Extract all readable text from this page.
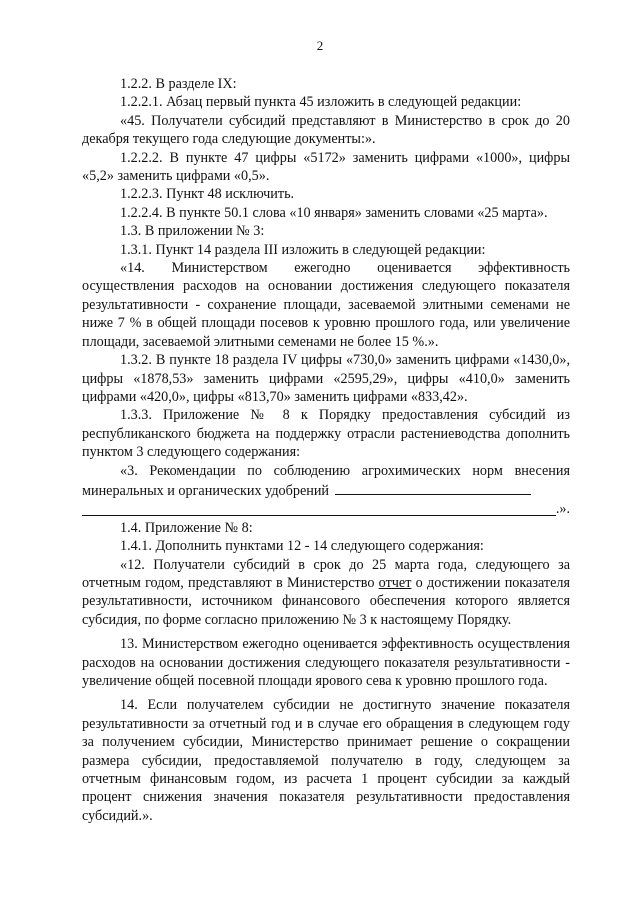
2

1.2.2. В разделе IX:

1.2.2.1. Абзац первый пункта 45 изложить в следующей редакции:

«45. Получатели субсидий представляют в Министерство в срок до 20 декабря текущего года следующие документы:».

1.2.2.2. В пункте 47 цифры «5172» заменить цифрами «1000», цифры «5,2» заменить цифрами «0,5».

1.2.2.3. Пункт 48 исключить.

1.2.2.4. В пункте 50.1 слова «10 января» заменить словами «25 марта».

1.3. В приложении № 3:

1.3.1. Пункт 14 раздела III изложить в следующей редакции:

«14. Министерством ежегодно оценивается эффективность осуществления расходов на основании достижения следующего показателя результативности - сохранение площади, засеваемой элитными семенами не ниже 7 % в общей площади посевов к уровню прошлого года, или увеличение площади, засеваемой элитными семенами не более 15 %.».

1.3.2. В пункте 18 раздела IV цифры «730,0» заменить цифрами «1430,0», цифры «1878,53» заменить цифрами «2595,29», цифры «410,0» заменить цифрами «420,0», цифры «813,70» заменить цифрами «833,42».

1.3.3. Приложение № 8 к Порядку предоставления субсидий из республиканского бюджета на поддержку отрасли растениеводства дополнить пунктом 3 следующего содержания:

«3. Рекомендации по соблюдению агрохимических норм внесения минеральных и органических удобрений

.».

1.4. Приложение № 8:

1.4.1. Дополнить пунктами 12 - 14 следующего содержания:

«12. Получатели субсидий в срок до 25 марта года, следующего за отчетным годом, представляют в Министерство отчет о достижении показателя результативности, источником финансового обеспечения которого является субсидия, по форме согласно приложению № 3 к настоящему Порядку.

13. Министерством ежегодно оценивается эффективность осуществления расходов на основании достижения следующего показателя результативности - увеличение общей посевной площади ярового сева к уровню прошлого года.

14. Если получателем субсидии не достигнуто значение показателя результативности за отчетный год и в случае его обращения в следующем году за получением субсидии, Министерство принимает решение о сокращении размера субсидии, предоставляемой получателю в году, следующем за отчетным финансовым годом, из расчета 1 процент субсидии за каждый процент снижения значения показателя результативности предоставления субсидий.».
